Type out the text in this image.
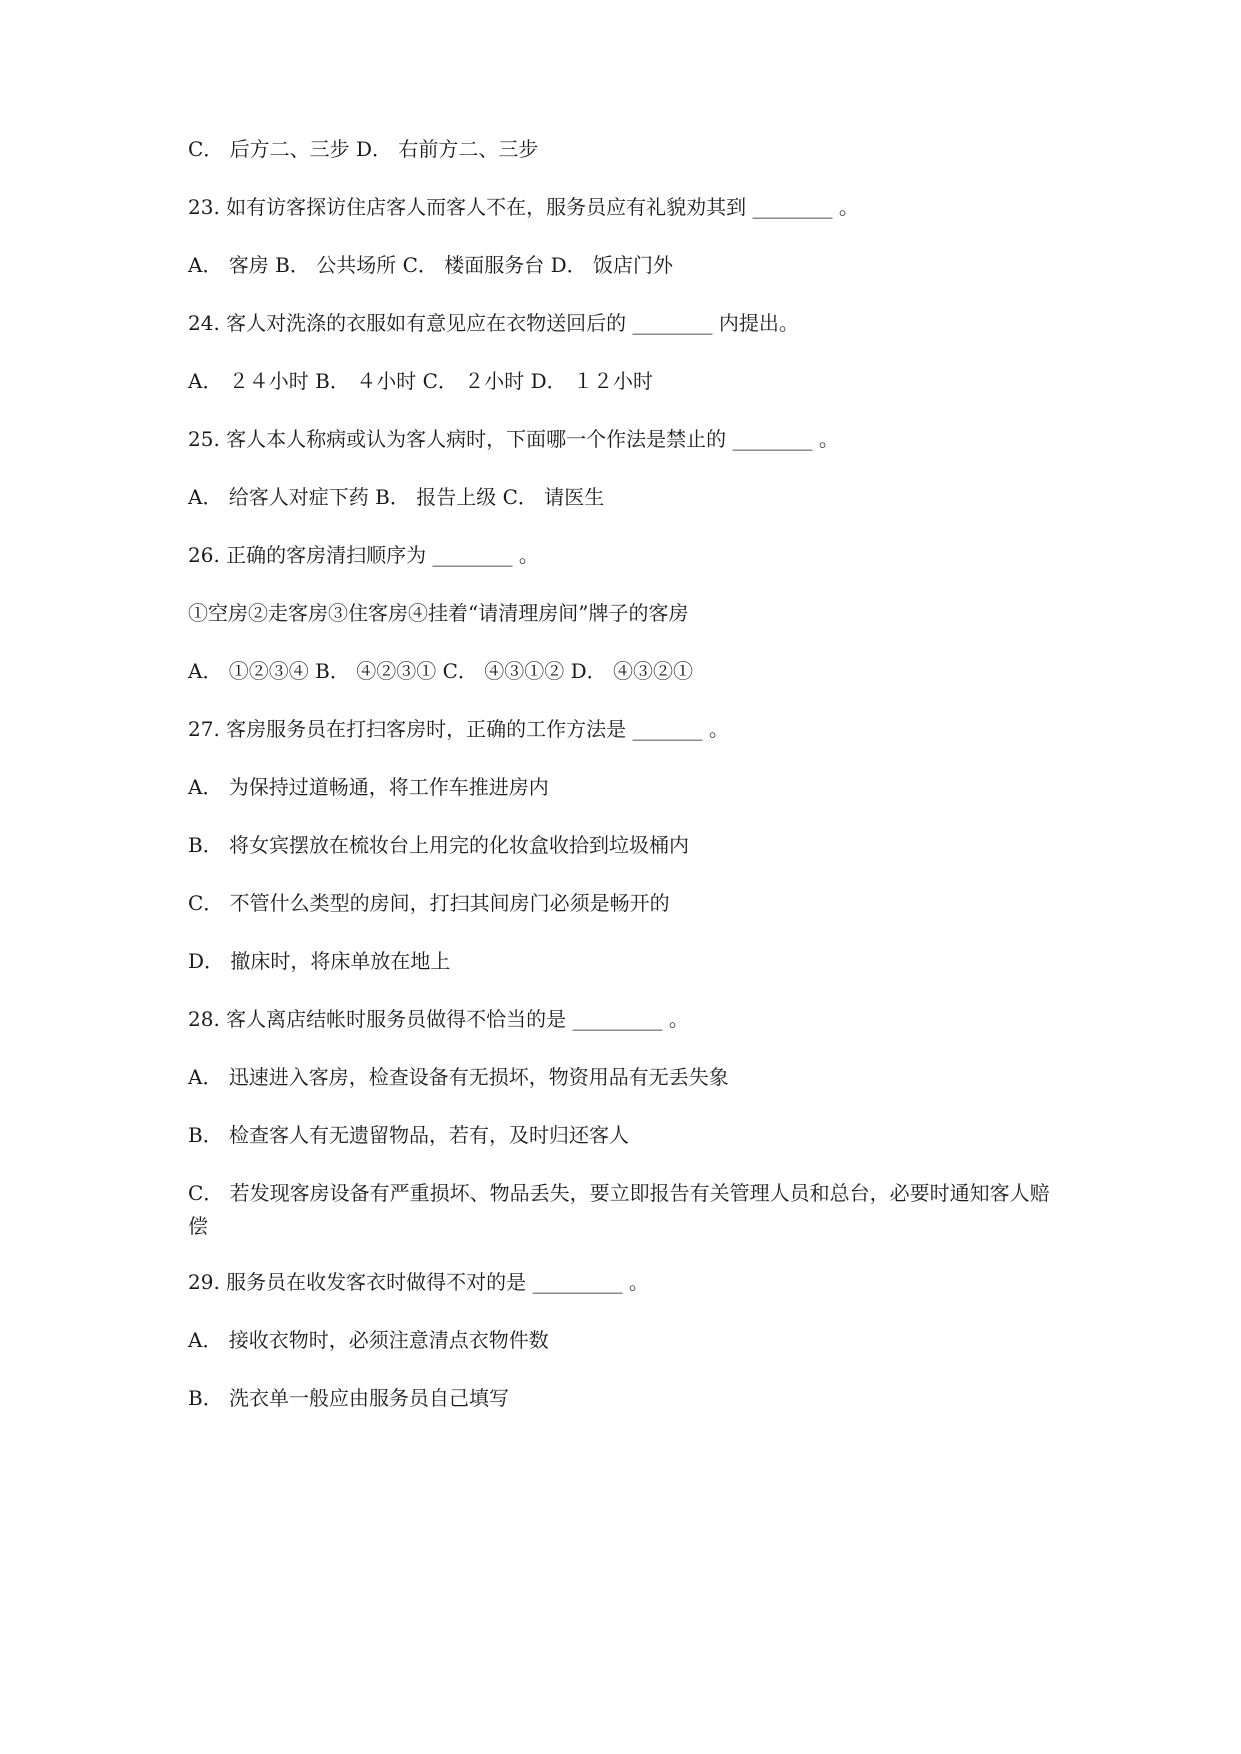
C． 后方二、三步 D． 右前方二、三步
23. 如有访客探访住店客人而客人不在，服务员应有礼貌劝其到 ________ 。
A． 客房 B． 公共场所 C． 楼面服务台 D． 饭店门外
24. 客人对洗涤的衣服如有意见应在衣物送回后的 ________ 内提出。
A． ２４小时 B． ４小时 C． ２小时 D． １２小时
25. 客人本人称病或认为客人病时，下面哪一个作法是禁止的 ________ 。
A． 给客人对症下药 B． 报告上级 C． 请医生
26. 正确的客房清扫顺序为 ________ 。
①空房②走客房③住客房④挂着“请清理房间”牌子的客房
A． ①②③④ B． ④②③① C． ④③①② D． ④③②①
27. 客房服务员在打扫客房时，正确的工作方法是 _______ 。
A． 为保持过道畅通，将工作车推进房内
B． 将女宾摆放在梳妆台上用完的化妆盒收拾到垃圾桶内
C． 不管什么类型的房间，打扫其间房门必须是畅开的
D． 撤床时，将床单放在地上
28. 客人离店结帐时服务员做得不恰当的是 _________ 。
A． 迅速进入客房，检查设备有无损坏，物资用品有无丢失象
B． 检查客人有无遗留物品，若有，及时归还客人
C． 若发现客房设备有严重损坏、物品丢失，要立即报告有关管理人员和总台，必要时通知客人赔偿
29. 服务员在收发客衣时做得不对的是 _________ 。
A． 接收衣物时，必须注意清点衣物件数
B． 洗衣单一般应由服务员自己填写
